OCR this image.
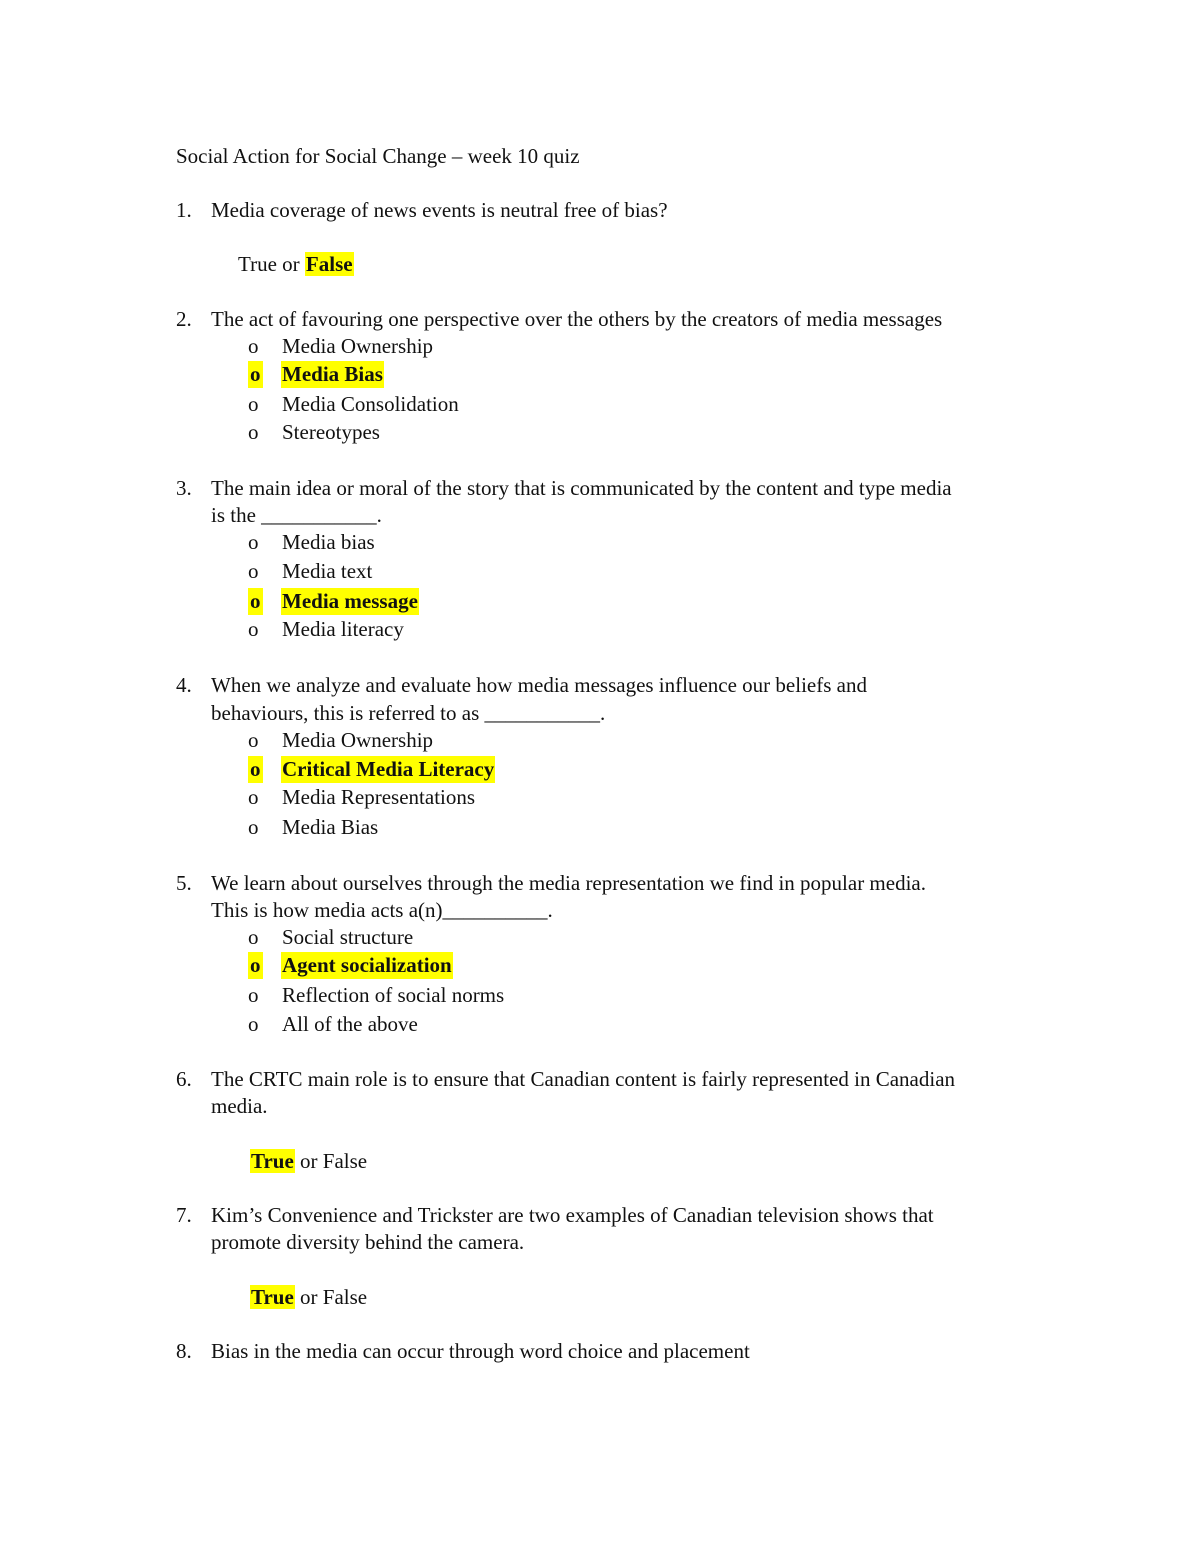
Social Action for Social Change – week 10 quiz
1. Media coverage of news events is neutral free of bias?
True or False
2. The act of favouring one perspective over the others by the creators of media messages
o Media Ownership
o Media Bias
o Media Consolidation
o Stereotypes
3. The main idea or moral of the story that is communicated by the content and type media
is the ___________.
o Media bias
o Media text
o Media message
o Media literacy
4. When we analyze and evaluate how media messages influence our beliefs and
behaviours, this is referred to as ___________.
o Media Ownership
o Critical Media Literacy
o Media Representations
o Media Bias
5. We learn about ourselves through the media representation we find in popular media.
This is how media acts a(n)__________.
o Social structure
o Agent socialization
o Reflection of social norms
o All of the above
6. The CRTC main role is to ensure that Canadian content is fairly represented in Canadian
media.
True or False
7. Kim’s Convenience and Trickster are two examples of Canadian television shows that
promote diversity behind the camera.
True or False
8. Bias in the media can occur through word choice and placement
